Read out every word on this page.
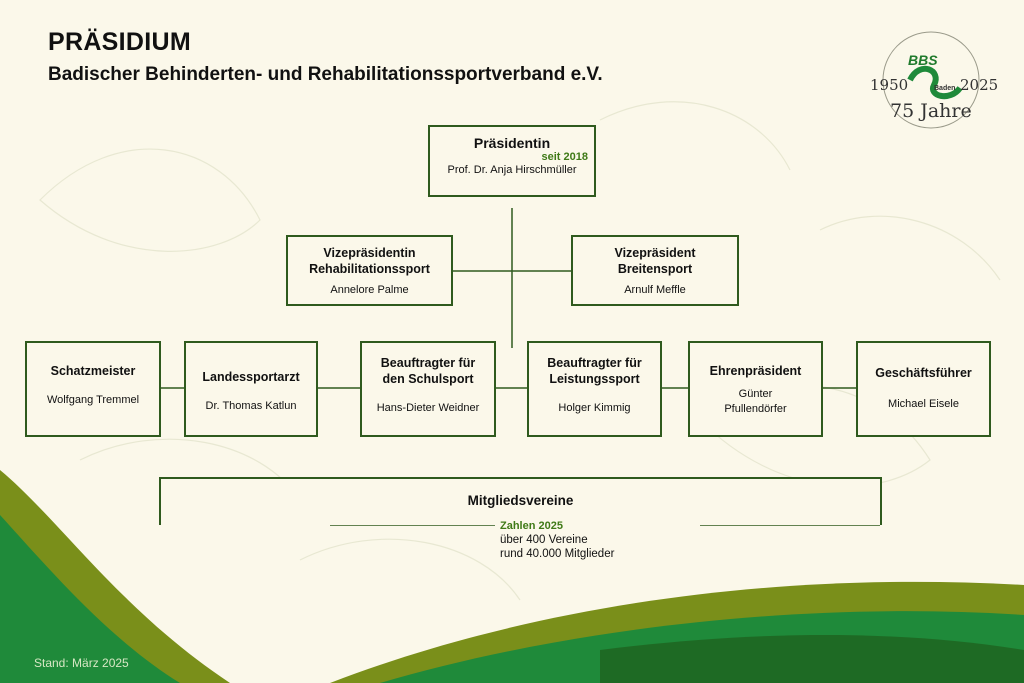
PRÄSIDIUM
Badischer Behinderten- und Rehabilitationssportverband e.V.
BBS
Baden
1950	2025
75 Jahre
Präsidentin
seit 2018
Prof. Dr. Anja Hirschmüller
Vizepräsidentin
Rehabilitationssport
Annelore Palme
Vizepräsident
Breitensport
Arnulf Meffle
Schatzmeister
Wolfgang Tremmel
Landessportarzt
Dr. Thomas Katlun
Beauftragter für
den Schulsport
Hans-Dieter Weidner
Beauftragter für
Leistungssport
Holger Kimmig
Ehrenpräsident
Günter
Pfullendörfer
Geschäftsführer
Michael Eisele
Mitgliedsvereine
Zahlen 2025
über 400 Vereine
rund 40.000 Mitglieder
Stand: März 2025
